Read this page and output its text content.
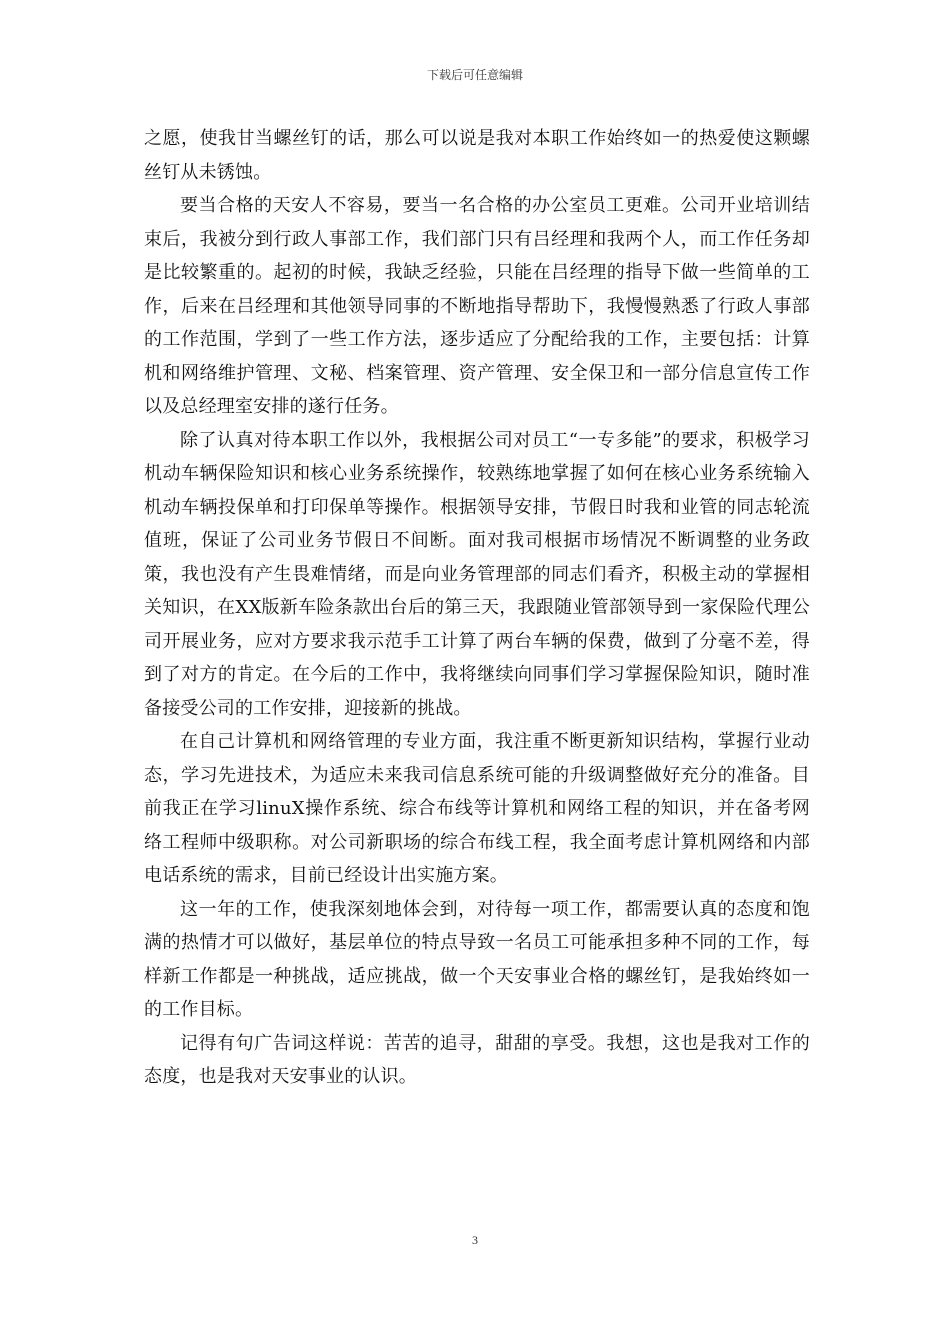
下载后可任意编辑

之愿，使我甘当螺丝钉的话，那么可以说是我对本职工作始终如一的热爱使这颗螺丝钉从未锈蚀。

要当合格的天安人不容易，要当一名合格的办公室员工更难。公司开业培训结束后，我被分到行政人事部工作，我们部门只有吕经理和我两个人，而工作任务却是比较繁重的。起初的时候，我缺乏经验，只能在吕经理的指导下做一些简单的工作，后来在吕经理和其他领导同事的不断地指导帮助下，我慢慢熟悉了行政人事部的工作范围，学到了一些工作方法，逐步适应了分配给我的工作，主要包括：计算机和网络维护管理、文秘、档案管理、资产管理、安全保卫和一部分信息宣传工作以及总经理室安排的遂行任务。

除了认真对待本职工作以外，我根据公司对员工“一专多能”的要求，积极学习机动车辆保险知识和核心业务系统操作，较熟练地掌握了如何在核心业务系统输入机动车辆投保单和打印保单等操作。根据领导安排，节假日时我和业管的同志轮流值班，保证了公司业务节假日不间断。面对我司根据市场情况不断调整的业务政策，我也没有产生畏难情绪，而是向业务管理部的同志们看齐，积极主动的掌握相关知识，在XX版新车险条款出台后的第三天，我跟随业管部领导到一家保险代理公司开展业务，应对方要求我示范手工计算了两台车辆的保费，做到了分毫不差，得到了对方的肯定。在今后的工作中，我将继续向同事们学习掌握保险知识，随时准备接受公司的工作安排，迎接新的挑战。

在自己计算机和网络管理的专业方面，我注重不断更新知识结构，掌握行业动态，学习先进技术，为适应未来我司信息系统可能的升级调整做好充分的准备。目前我正在学习linuX操作系统、综合布线等计算机和网络工程的知识，并在备考网络工程师中级职称。对公司新职场的综合布线工程，我全面考虑计算机网络和内部电话系统的需求，目前已经设计出实施方案。

这一年的工作，使我深刻地体会到，对待每一项工作，都需要认真的态度和饱满的热情才可以做好，基层单位的特点导致一名员工可能承担多种不同的工作，每样新工作都是一种挑战，适应挑战，做一个天安事业合格的螺丝钉，是我始终如一的工作目标。

记得有句广告词这样说：苦苦的追寻，甜甜的享受。我想，这也是我对工作的态度，也是我对天安事业的认识。

3
